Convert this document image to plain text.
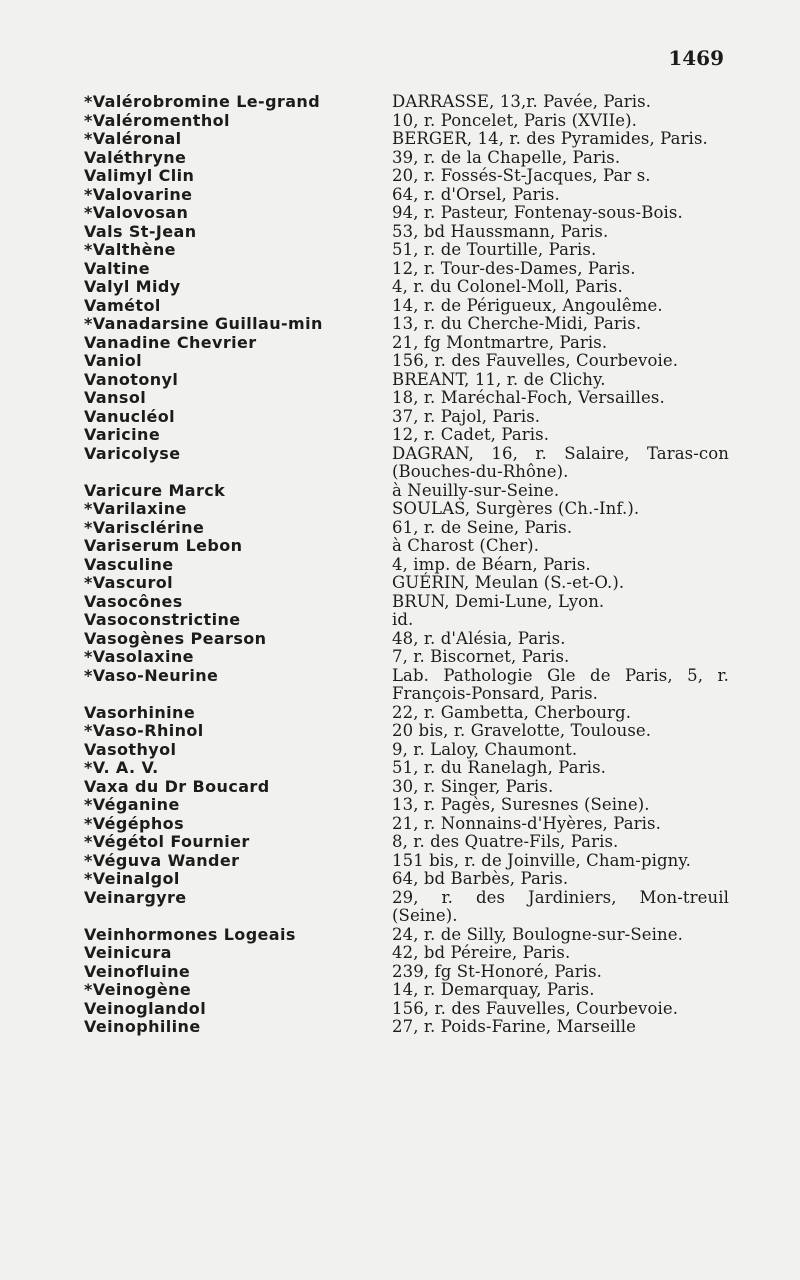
1469
*Valérobromine Le-grand	DARRASSE, 13,r. Pavée, Paris.
*Valéromenthol	10, r. Poncelet, Paris (XVIIe).
*Valéronal	BERGER, 14, r. des Pyramides, Paris.
Valéthryne	39, r. de la Chapelle, Paris.
Valimyl Clin	20, r. Fossés-St-Jacques, Par s.
*Valovarine	64, r. d'Orsel, Paris.
*Valovosan	94, r. Pasteur, Fontenay-sous-Bois.
Vals St-Jean	53, bd Haussmann, Paris.
*Valthène	51, r. de Tourtille, Paris.
Valtine	12, r. Tour-des-Dames, Paris.
Valyl Midy	4, r. du Colonel-Moll, Paris.
Vamétol	14, r. de Périgueux, Angoulême.
*Vanadarsine Guillau-min	13, r. du Cherche-Midi, Paris.
Vanadine Chevrier	21, fg Montmartre, Paris.
Vaniol	156, r. des Fauvelles, Courbevoie.
Vanotonyl	BREANT, 11, r. de Clichy.
Vansol	18, r. Maréchal-Foch, Versailles.
Vanucléol	37, r. Pajol, Paris.
Varicine	12, r. Cadet, Paris.
Varicolyse	DAGRAN, 16, r. Salaire, Taras-con (Bouches-du-Rhône).
Varicure Marck	à Neuilly-sur-Seine.
*Varilaxine	SOULAS, Surgères (Ch.-Inf.).
*Varisclérine	61, r. de Seine, Paris.
Variserum Lebon	à Charost (Cher).
Vasculine	4, imp. de Béarn, Paris.
*Vascurol	GUÉRIN, Meulan (S.-et-O.).
Vasocônes	BRUN, Demi-Lune, Lyon.
Vasoconstrictine	id.
Vasogènes Pearson	48, r. d'Alésia, Paris.
*Vasolaxine	7, r. Biscornet, Paris.
*Vaso-Neurine	Lab. Pathologie Gle de Paris, 5, r. François-Ponsard, Paris.
Vasorhinine	22, r. Gambetta, Cherbourg.
*Vaso-Rhinol	20 bis, r. Gravelotte, Toulouse.
Vasothyol	9, r. Laloy, Chaumont.
*V. A. V.	51, r. du Ranelagh, Paris.
Vaxa du Dr Boucard	30, r. Singer, Paris.
*Véganine	13, r. Pagès, Suresnes (Seine).
*Végéphos	21, r. Nonnains-d'Hyères, Paris.
*Végétol Fournier	8, r. des Quatre-Fils, Paris.
*Véguva Wander	151 bis, r. de Joinville, Cham-pigny.
*Veinalgol	64, bd Barbès, Paris.
Veinargyre	29, r. des Jardiniers, Mon-treuil (Seine).
Veinhormones Logeais	24, r. de Silly, Boulogne-sur-Seine.
Veinicura	42, bd Péreire, Paris.
Veinofluine	239, fg St-Honoré, Paris.
*Veinogène	14, r. Demarquay, Paris.
Veinoglandol	156, r. des Fauvelles, Courbevoie.
Veinophiline	27, r. Poids-Farine, Marseille
